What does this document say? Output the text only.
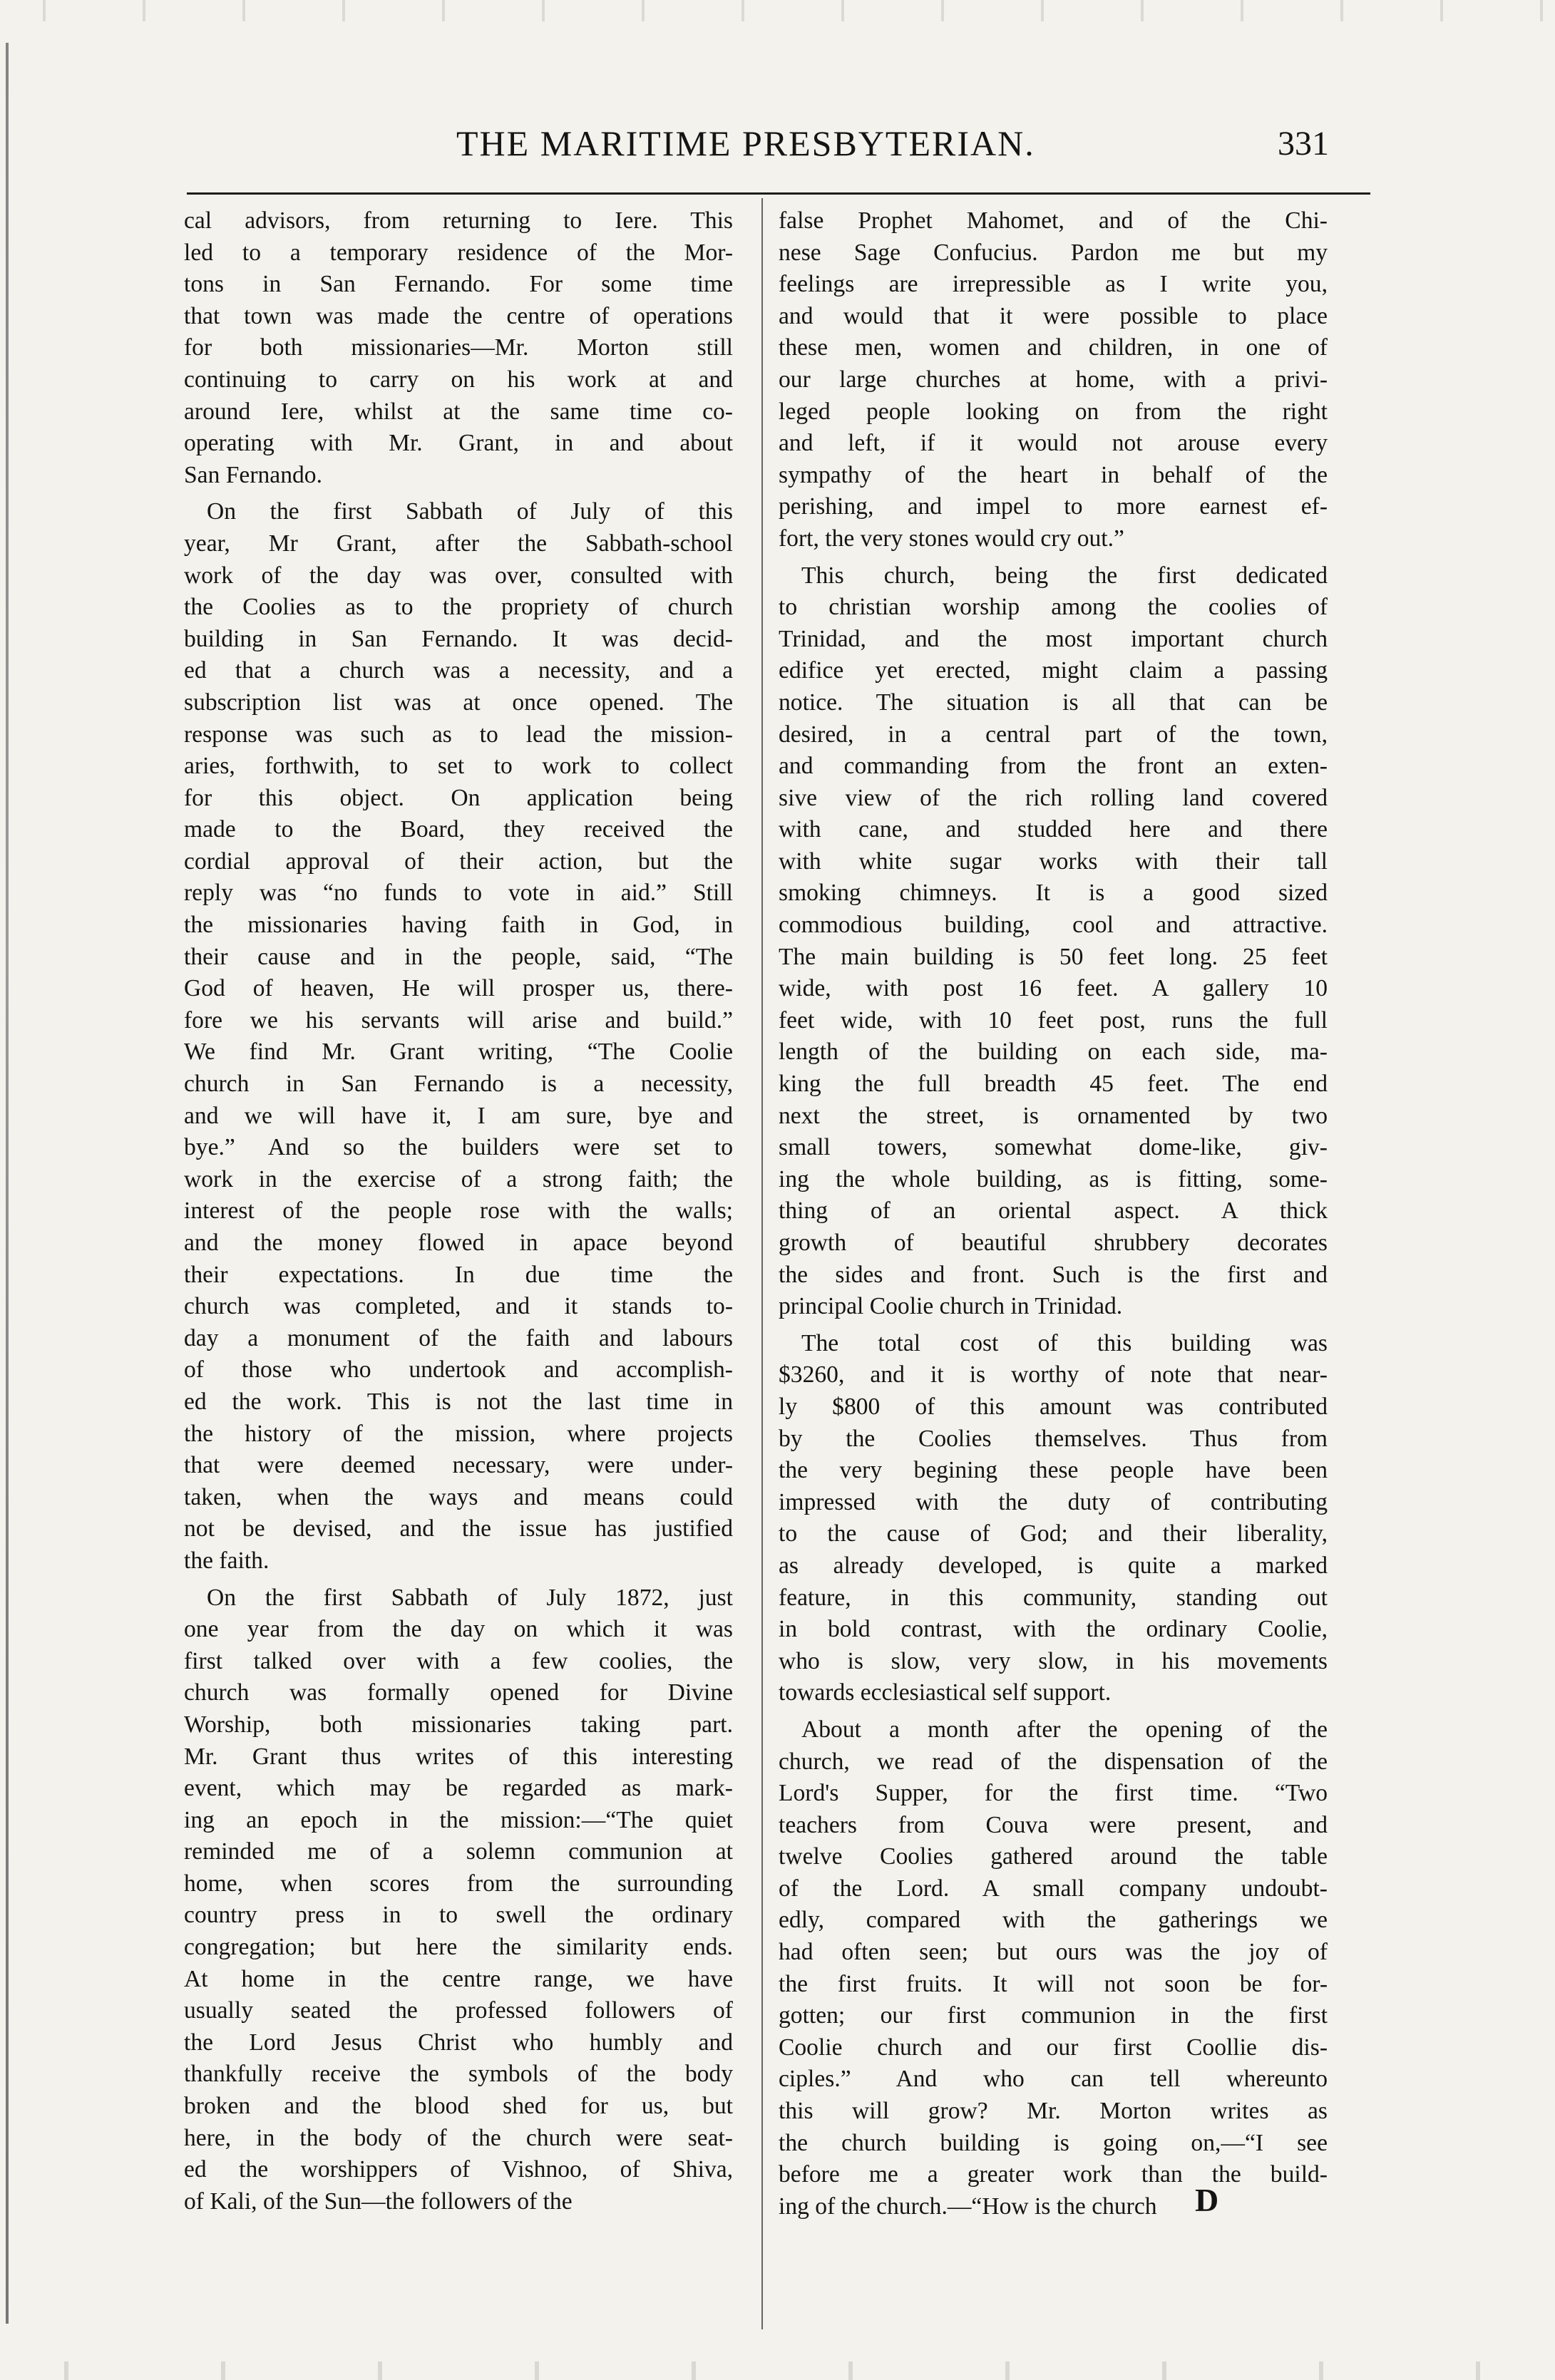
THE MARITIME PRESBYTERIAN.	331
cal advisors, from returning to Iere. This
led to a temporary residence of the Mor-
tons in San Fernando. For some time
that town was made the centre of operations
for both missionaries—Mr. Morton still
continuing to carry on his work at and
around Iere, whilst at the same time co-
operating with Mr. Grant, in and about
San Fernando.
On the first Sabbath of July of this
year, Mr Grant, after the Sabbath-school
work of the day was over, consulted with
the Coolies as to the propriety of church
building in San Fernando. It was decid-
ed that a church was a necessity, and a
subscription list was at once opened. The
response was such as to lead the mission-
aries, forthwith, to set to work to collect
for this object. On application being
made to the Board, they received the
cordial approval of their action, but the
reply was “no funds to vote in aid.” Still
the missionaries having faith in God, in
their cause and in the people, said, “The
God of heaven, He will prosper us, there-
fore we his servants will arise and build.”
We find Mr. Grant writing, “The Coolie
church in San Fernando is a necessity,
and we will have it, I am sure, bye and
bye.” And so the builders were set to
work in the exercise of a strong faith; the
interest of the people rose with the walls;
and the money flowed in apace beyond
their expectations. In due time the
church was completed, and it stands to-
day a monument of the faith and labours
of those who undertook and accomplish-
ed the work. This is not the last time in
the history of the mission, where projects
that were deemed necessary, were under-
taken, when the ways and means could
not be devised, and the issue has justified
the faith.
On the first Sabbath of July 1872, just
one year from the day on which it was
first talked over with a few coolies, the
church was formally opened for Divine
Worship, both missionaries taking part.
Mr. Grant thus writes of this interesting
event, which may be regarded as mark-
ing an epoch in the mission:—“The quiet
reminded me of a solemn communion at
home, when scores from the surrounding
country press in to swell the ordinary
congregation; but here the similarity ends.
At home in the centre range, we have
usually seated the professed followers of
the Lord Jesus Christ who humbly and
thankfully receive the symbols of the body
broken and the blood shed for us, but
here, in the body of the church were seat-
ed the worshippers of Vishnoo, of Shiva,
of Kali, of the Sun—the followers of the
false Prophet Mahomet, and of the Chi-
nese Sage Confucius. Pardon me but my
feelings are irrepressible as I write you,
and would that it were possible to place
these men, women and children, in one of
our large churches at home, with a privi-
leged people looking on from the right
and left, if it would not arouse every
sympathy of the heart in behalf of the
perishing, and impel to more earnest ef-
fort, the very stones would cry out.”
This church, being the first dedicated
to christian worship among the coolies of
Trinidad, and the most important church
edifice yet erected, might claim a passing
notice. The situation is all that can be
desired, in a central part of the town,
and commanding from the front an exten-
sive view of the rich rolling land covered
with cane, and studded here and there
with white sugar works with their tall
smoking chimneys. It is a good sized
commodious building, cool and attractive.
The main building is 50 feet long. 25 feet
wide, with post 16 feet. A gallery 10
feet wide, with 10 feet post, runs the full
length of the building on each side, ma-
king the full breadth 45 feet. The end
next the street, is ornamented by two
small towers, somewhat dome-like, giv-
ing the whole building, as is fitting, some-
thing of an oriental aspect. A thick
growth of beautiful shrubbery decorates
the sides and front. Such is the first and
principal Coolie church in Trinidad.
The total cost of this building was
$3260, and it is worthy of note that near-
ly $800 of this amount was contributed
by the Coolies themselves. Thus from
the very begining these people have been
impressed with the duty of contributing
to the cause of God; and their liberality,
as already developed, is quite a marked
feature, in this community, standing out
in bold contrast, with the ordinary Coolie,
who is slow, very slow, in his movements
towards ecclesiastical self support.
About a month after the opening of the
church, we read of the dispensation of the
Lord's Supper, for the first time. “Two
teachers from Couva were present, and
twelve Coolies gathered around the table
of the Lord. A small company undoubt-
edly, compared with the gatherings we
had often seen; but ours was the joy of
the first fruits. It will not soon be for-
gotten; our first communion in the first
Coolie church and our first Coollie dis-
ciples.” And who can tell whereunto
this will grow? Mr. Morton writes as
the church building is going on,—“I see
before me a greater work than the build-
ing of the church.—“How is the church	D
